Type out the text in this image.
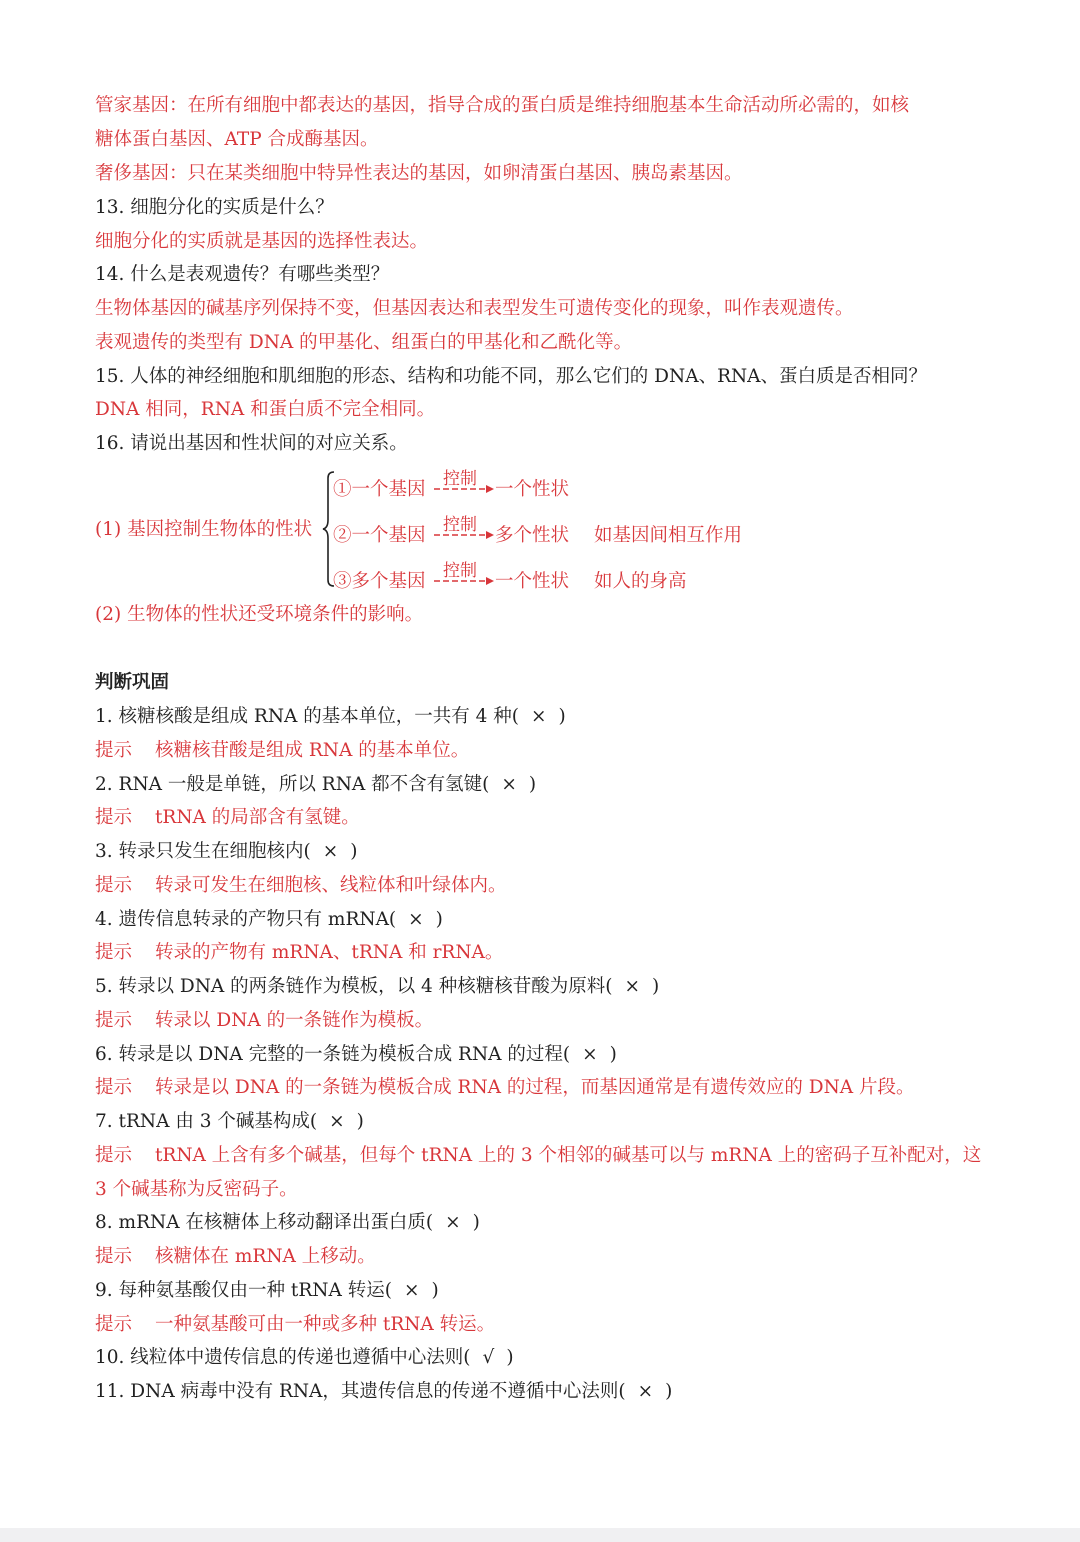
管家基因：在所有细胞中都表达的基因，指导合成的蛋白质是维持细胞基本生命活动所必需的，如核
糖体蛋白基因、ATP 合成酶基因。
奢侈基因：只在某类细胞中特异性表达的基因，如卵清蛋白基因、胰岛素基因。
13. 细胞分化的实质是什么？
细胞分化的实质就是基因的选择性表达。
14. 什么是表观遗传？有哪些类型？
生物体基因的碱基序列保持不变，但基因表达和表型发生可遗传变化的现象，叫作表观遗传。
表观遗传的类型有 DNA 的甲基化、组蛋白的甲基化和乙酰化等。
15. 人体的神经细胞和肌细胞的形态、结构和功能不同，那么它们的 DNA、RNA、蛋白质是否相同？
DNA 相同，RNA 和蛋白质不完全相同。
16. 请说出基因和性状间的对应关系。
(1) 基因控制生物体的性状
①一个基因 控制 一个性状
②一个基因 控制 多个性状 如基因间相互作用
③多个基因 控制 一个性状 如人的身高
(2) 生物体的性状还受环境条件的影响。
判断巩固
1. 核糖核酸是组成 RNA 的基本单位，一共有 4 种( × )
提示 核糖核苷酸是组成 RNA 的基本单位。
2. RNA 一般是单链，所以 RNA 都不含有氢键( × )
提示 tRNA 的局部含有氢键。
3. 转录只发生在细胞核内( × )
提示 转录可发生在细胞核、线粒体和叶绿体内。
4. 遗传信息转录的产物只有 mRNA( × )
提示 转录的产物有 mRNA、tRNA 和 rRNA。
5. 转录以 DNA 的两条链作为模板，以 4 种核糖核苷酸为原料( × )
提示 转录以 DNA 的一条链作为模板。
6. 转录是以 DNA 完整的一条链为模板合成 RNA 的过程( × )
提示 转录是以 DNA 的一条链为模板合成 RNA 的过程，而基因通常是有遗传效应的 DNA 片段。
7. tRNA 由 3 个碱基构成( × )
提示 tRNA 上含有多个碱基，但每个 tRNA 上的 3 个相邻的碱基可以与 mRNA 上的密码子互补配对，这
3 个碱基称为反密码子。
8. mRNA 在核糖体上移动翻译出蛋白质( × )
提示 核糖体在 mRNA 上移动。
9. 每种氨基酸仅由一种 tRNA 转运( × )
提示 一种氨基酸可由一种或多种 tRNA 转运。
10. 线粒体中遗传信息的传递也遵循中心法则( √ )
11. DNA 病毒中没有 RNA，其遗传信息的传递不遵循中心法则( × )
